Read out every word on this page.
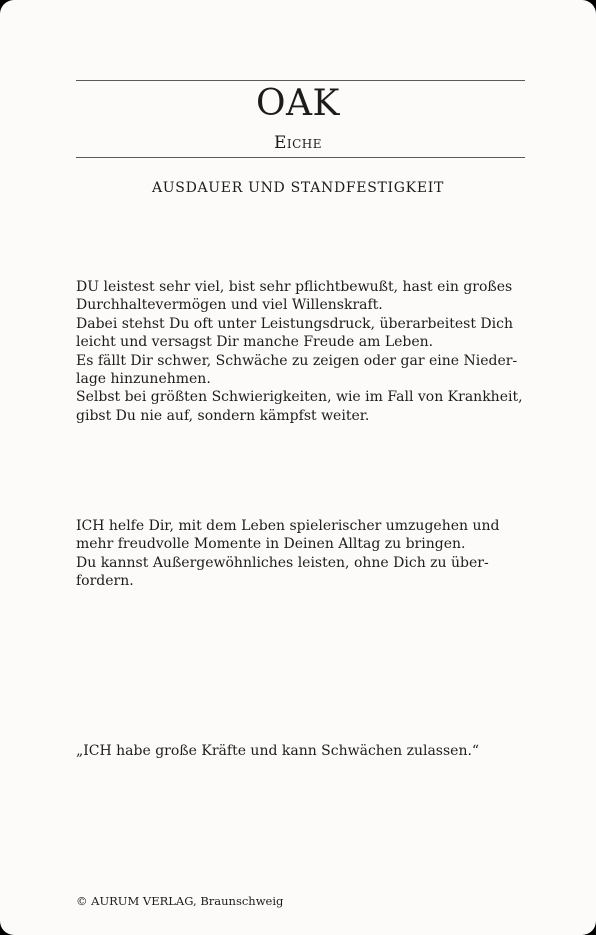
OAK
Eiche
AUSDAUER UND STANDFESTIGKEIT
DU leistest sehr viel, bist sehr pflichtbewußt, hast ein großes
Durchhaltevermögen und viel Willenskraft.
Dabei stehst Du oft unter Leistungsdruck, überarbeitest Dich
leicht und versagst Dir manche Freude am Leben.
Es fällt Dir schwer, Schwäche zu zeigen oder gar eine Nieder-
lage hinzunehmen.
Selbst bei größten Schwierigkeiten, wie im Fall von Krankheit,
gibst Du nie auf, sondern kämpfst weiter.
ICH helfe Dir, mit dem Leben spielerischer umzugehen und
mehr freudvolle Momente in Deinen Alltag zu bringen.
Du kannst Außergewöhnliches leisten, ohne Dich zu über-
fordern.
„ICH habe große Kräfte und kann Schwächen zulassen.“
© AURUM VERLAG, Braunschweig
